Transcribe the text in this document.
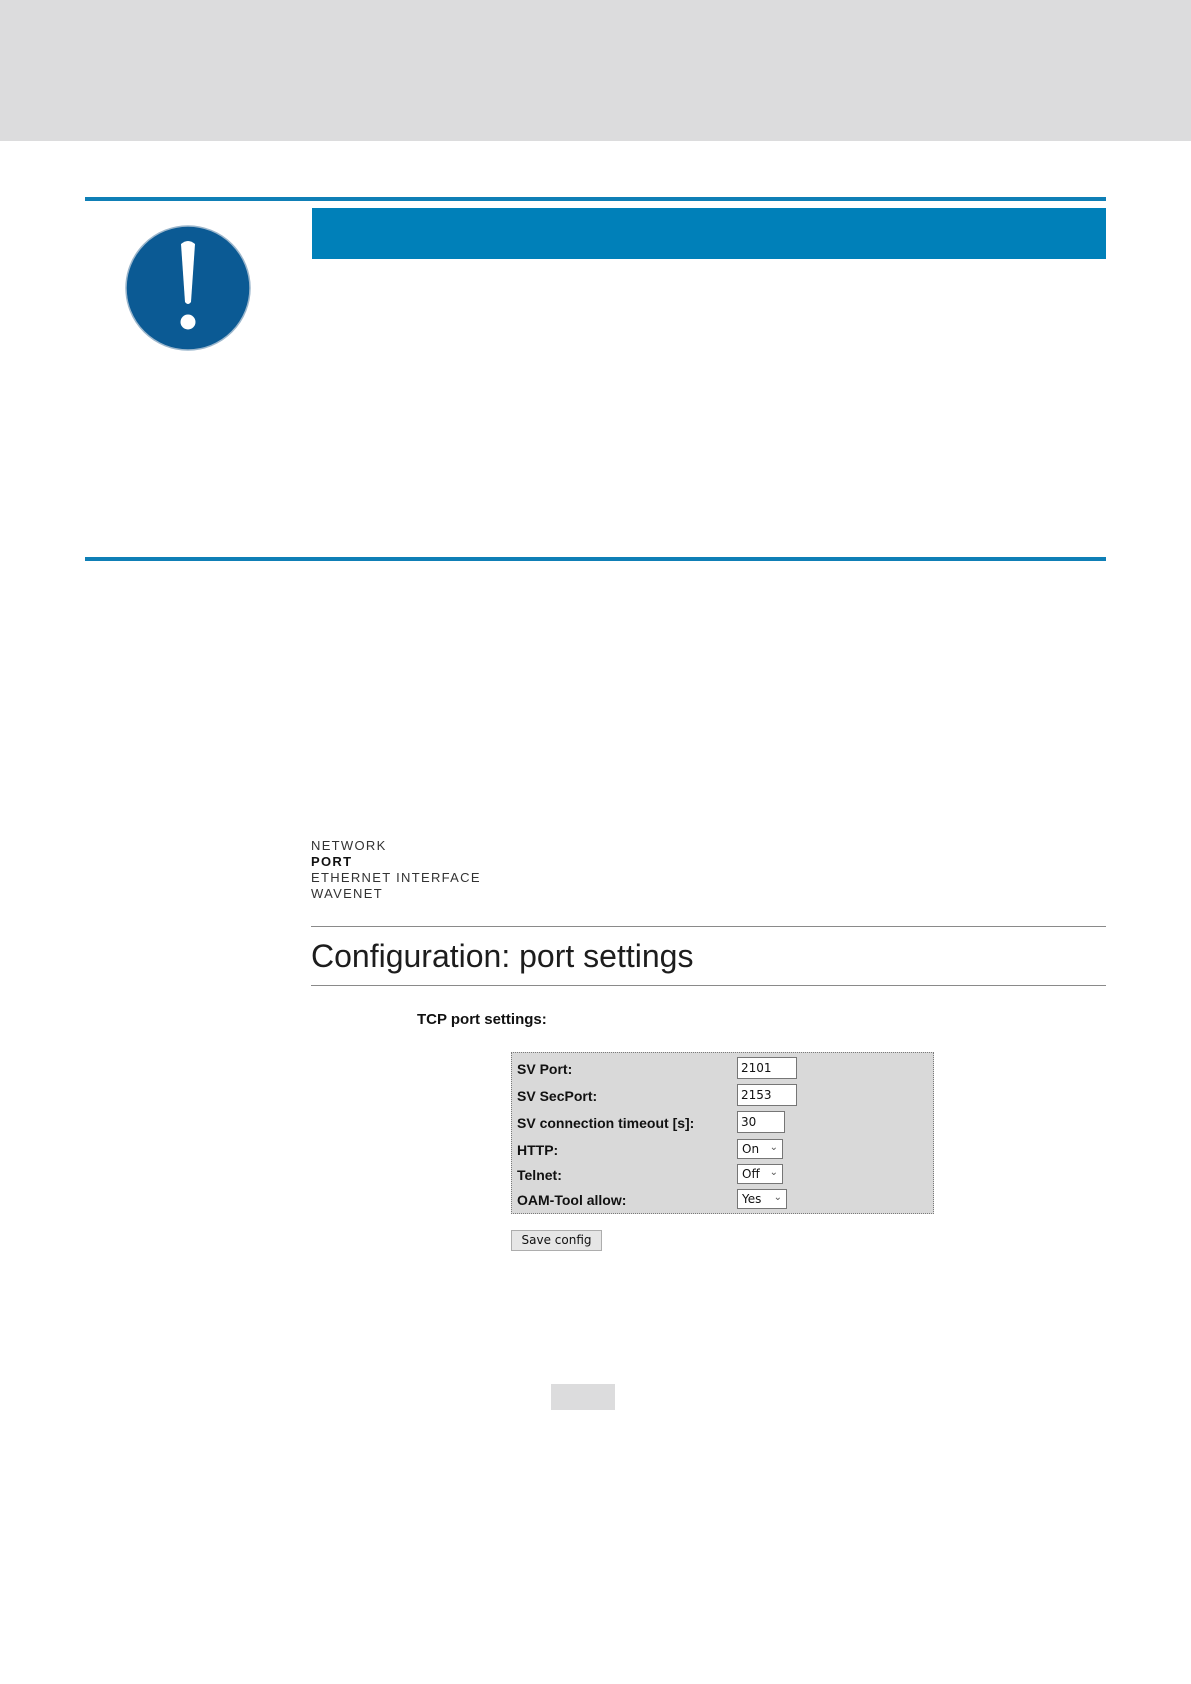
NETWORK
PORT
ETHERNET INTERFACE
WAVENET
Configuration: port settings
TCP port settings:
SV Port:	2101
SV SecPort:	2153
SV connection timeout [s]:	30
HTTP:	On ⌄
Telnet:	Off ⌄
OAM-Tool allow:	Yes ⌄
Save config
